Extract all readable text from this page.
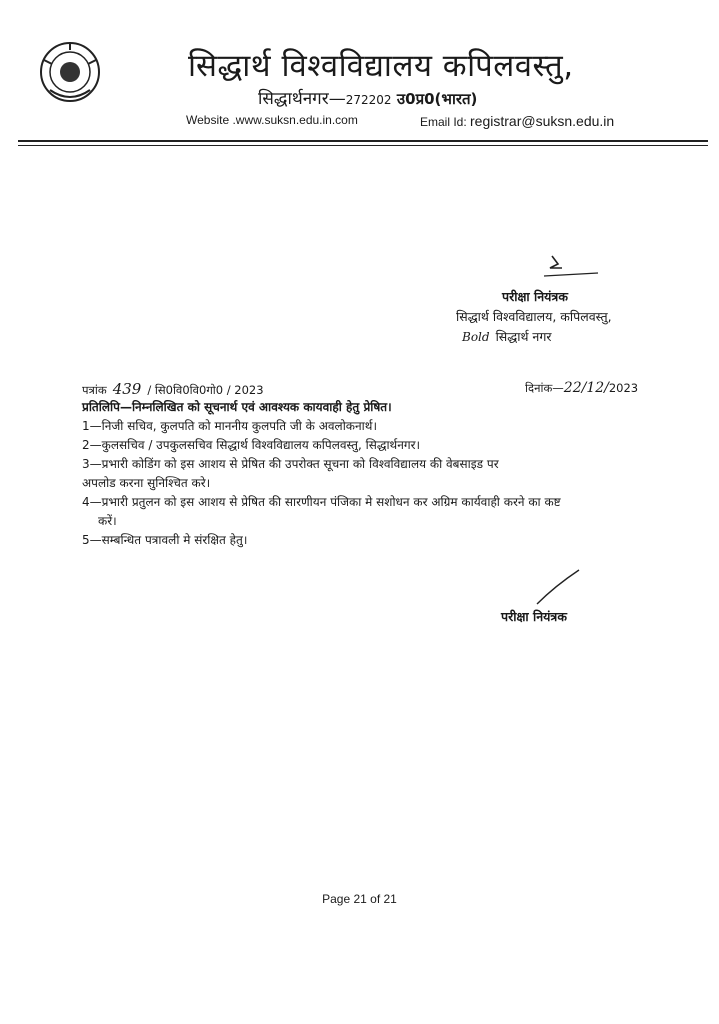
सिद्धार्थ विश्वविद्यालय कपिलवस्तु,
सिद्धार्थनगर—272202 उ0प्र0(भारत)
Website .www.suksn.edu.in.com	Email Id: registrar@suksn.edu.in
परीक्षा नियंत्रक
सिद्धार्थ विश्वविद्यालय, कपिलवस्तु,
Bold सिद्धार्थ नगर
पत्रांक 439 / सि0वि0वि0गो0 / 2023	दिनांक—22/12/2023

प्रतिलिपि—निम्नलिखित को सूचनार्थ एवं आवश्यक कायवाही हेतु प्रेषित।

1—निजी सचिव, कुलपति को माननीय कुलपति जी के अवलोकनार्थ।

2—कुलसचिव / उपकुलसचिव सिद्धार्थ विश्वविद्यालय कपिलवस्तु, सिद्धार्थनगर।

3—प्रभारी कोडिंग को इस आशय से प्रेषित की उपरोक्त सूचना को विश्वविद्यालय की वेबसाइड पर

अपलोड करना सुनिश्चित करे।

4—प्रभारी प्रतुलन को इस आशय से प्रेषित की सारणीयन पंजिका मे सशोधन कर अग्रिम कार्यवाही करने का कष्ट

करें।

5—सम्बन्धित पत्रावली मे संरक्षित हेतु।

परीक्षा नियंत्रक
Page 21 of 21
